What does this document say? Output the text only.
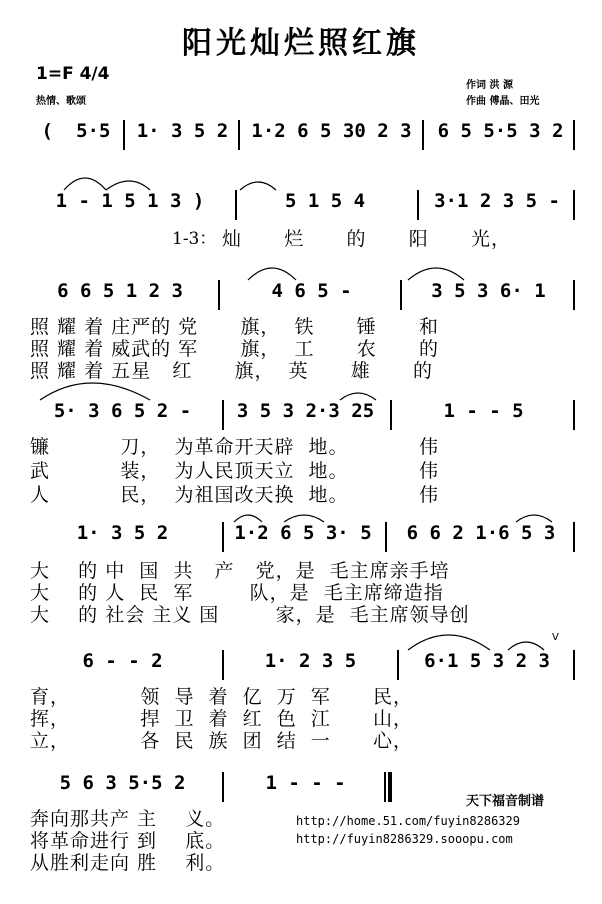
阳光灿烂照红旗
1=F 4/4
热情、歌颂
作词 洪 源
作曲 傅晶、田光
( 5·5 1· 3 5 2 1·2 6 5 30 2 3 6 5 5·5 3 2
1 - 1 5 1 3 )	5 1 5 4	3·1 2 3 5 -
1-3： 灿      烂      的      阳      光，
6 6 5 1 2 3	4 6 5 -	3 5 3 6· 1
照 耀 着 庄严的 党      旗，  铁      锤      和
照 耀 着 威武的 军      旗，  工      农      的
照 耀 着 五星   红      旗，  英      雄      的
5· 3 6 5 2 - 3 5 3 2·3 25	1 - - 5
镰          刀，  为革命开天辟  地。          伟
武          装，  为人民顶天立  地。          伟
人          民，  为祖国改天换  地。          伟
1· 3 5 2	1·2 6 5 3· 5 6 6 2 1·6 5 3
大    的 中  国  共   产   党，是  毛主席亲手培
大    的 人  民  军        队，是  毛主席缔造指
大    的 社会 主义 国        家，是  毛主席领导创
6 - - 2	1· 2 3 5	6·1 5 3 2 3
V
育，          领  导  着  亿  万  军      民，
挥，          捍  卫  着  红  色  江      山，
立，          各  民  族  团  结  一      心，
5 6 3 5·5 2	1 - - -
奔向那共产 主    义。
将革命进行 到    底。
从胜利走向 胜    利。
天下福音制谱
http://home.51.com/fuyin8286329
http://fuyin8286329.sooopu.com
